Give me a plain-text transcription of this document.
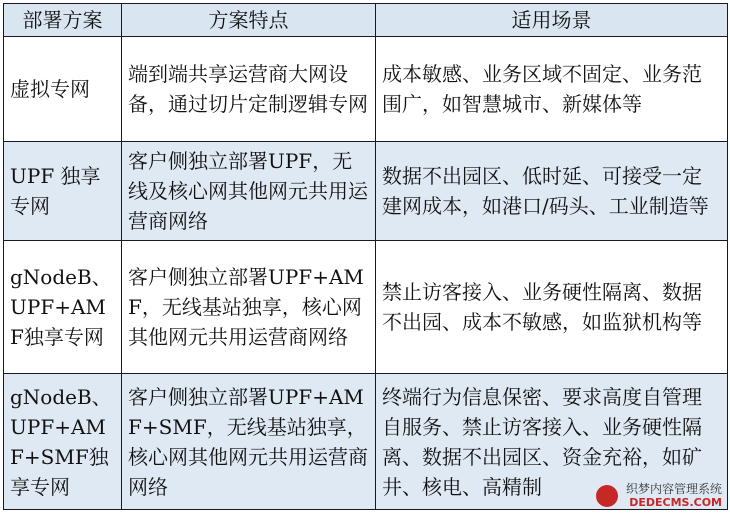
部署方案	方案特点	适用场景
虚拟专网	端到端共享运营商大网设备，通过切片定制逻辑专网	成本敏感、业务区域不固定、业务范围广，如智慧城市、新媒体等
UPF 独享专网	客户侧独立部署UPF，无线及核心网其他网元共用运营商网络	数据不出园区、低时延、可接受一定建网成本，如港口/码头、工业制造等
gNodeB、UPF+AMF独享专网	客户侧独立部署UPF+AMF，无线基站独享，核心网其他网元共用运营商网络	禁止访客接入、业务硬性隔离、数据不出园、成本不敏感，如监狱机构等
gNodeB、UPF+AMF+SMF独享专网	客户侧独立部署UPF+AMF+SMF，无线基站独享，核心网其他网元共用运营商网络	终端行为信息保密、要求高度自管理自服务、禁止访客接入、业务硬性隔离、数据不出园区、资金充裕，如矿井、核电、高精制
	织梦内容管理系统
DEDECMS.COM
